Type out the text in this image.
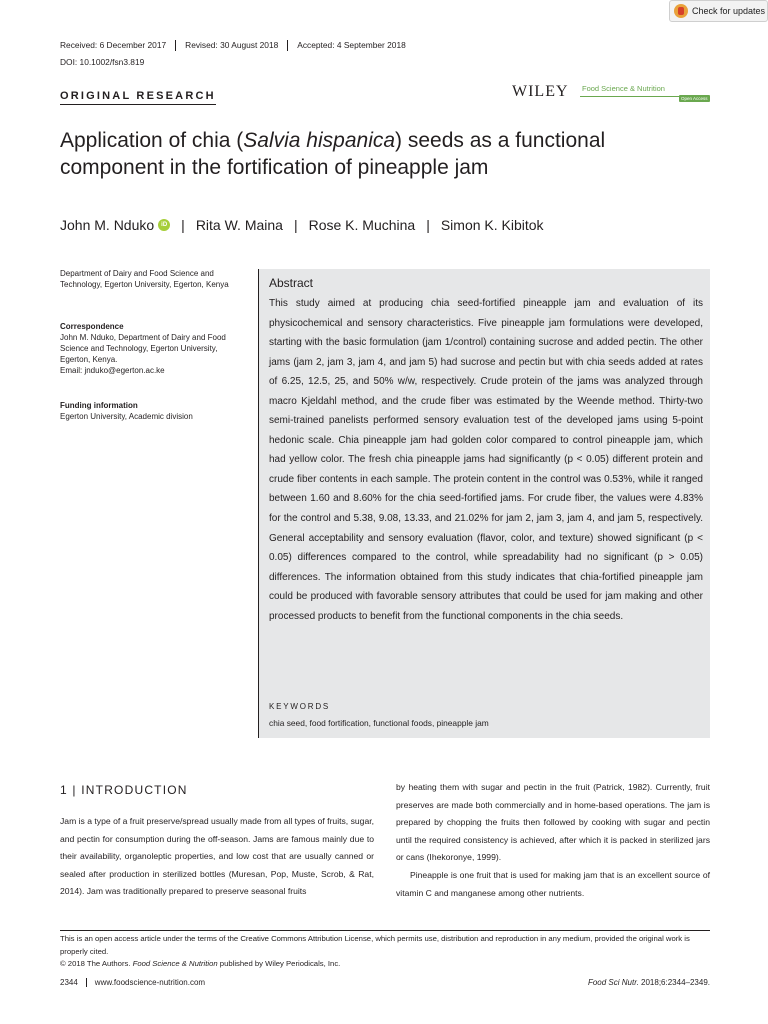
Check for updates
Received: 6 December 2017	Revised: 30 August 2018	Accepted: 4 September 2018
DOI: 10.1002/fsn3.819
ORIGINAL RESEARCH	WILEY Food Science & Nutrition
Open Access
Application of chia (Salvia hispanica) seeds as a functional component in the fortification of pineapple jam
John M. Nduko	iD | Rita W. Maina | Rose K. Muchina | Simon K. Kibitok
Department of Dairy and Food Science and Technology, Egerton University, Egerton, Kenya
Correspondence
John M. Nduko, Department of Dairy and Food Science and Technology, Egerton University, Egerton, Kenya.
Email: jnduko@egerton.ac.ke
Funding information
Egerton University, Academic division
Abstract
This study aimed at producing chia seed-fortified pineapple jam and evaluation of its physicochemical and sensory characteristics. Five pineapple jam formulations were developed, starting with the basic formulation (jam 1/control) containing sucrose and added pectin. The other jams (jam 2, jam 3, jam 4, and jam 5) had sucrose and pectin but with chia seeds added at rates of 6.25, 12.5, 25, and 50% w/w, respectively. Crude protein of the jams was analyzed through macro Kjeldahl method, and the crude fiber was estimated by the Weende method. Thirty-two semi-trained panelists performed sensory evaluation test of the developed jams using 5-point hedonic scale. Chia pineapple jam had golden color compared to control pineapple jam, which had yellow color. The fresh chia pineapple jams had significantly (p < 0.05) different protein and crude fiber contents in each sample. The protein content in the control was 0.53%, while it ranged between 1.60 and 8.60% for the chia seed-fortified jams. For crude fiber, the values were 4.83% for the control and 5.38, 9.08, 13.33, and 21.02% for jam 2, jam 3, jam 4, and jam 5, respectively. General acceptability and sensory evaluation (flavor, color, and texture) showed significant (p < 0.05) differences compared to the control, while spreadability had no significant (p > 0.05) differences. The information obtained from this study indicates that chia-fortified pineapple jam could be produced with favorable sensory attributes that could be used for jam making and other processed products to benefit from the functional components in the chia seeds.
KEYWORDS
chia seed, food fortification, functional foods, pineapple jam
1 | INTRODUCTION
Jam is a type of a fruit preserve/spread usually made from all types of fruits, sugar, and pectin for consumption during the off-season. Jams are famous mainly due to their availability, organoleptic properties, and low cost that are usually canned or sealed after production in sterilized bottles (Muresan, Pop, Muste, Scrob, & Rat, 2014). Jam was traditionally prepared to preserve seasonal fruits
by heating them with sugar and pectin in the fruit (Patrick, 1982). Currently, fruit preserves are made both commercially and in home-based operations. The jam is prepared by chopping the fruits then followed by cooking with sugar and pectin until the required consistency is achieved, after which it is packed in sterilized jars or cans (Ihekoronye, 1999).
Pineapple is one fruit that is used for making jam that is an excellent source of vitamin C and manganese among other nutrients.
This is an open access article under the terms of the Creative Commons Attribution License, which permits use, distribution and reproduction in any medium, provided the original work is properly cited.
© 2018 The Authors. Food Science & Nutrition published by Wiley Periodicals, Inc.
2344	www.foodscience-nutrition.com	Food Sci Nutr. 2018;6:2344–2349.
